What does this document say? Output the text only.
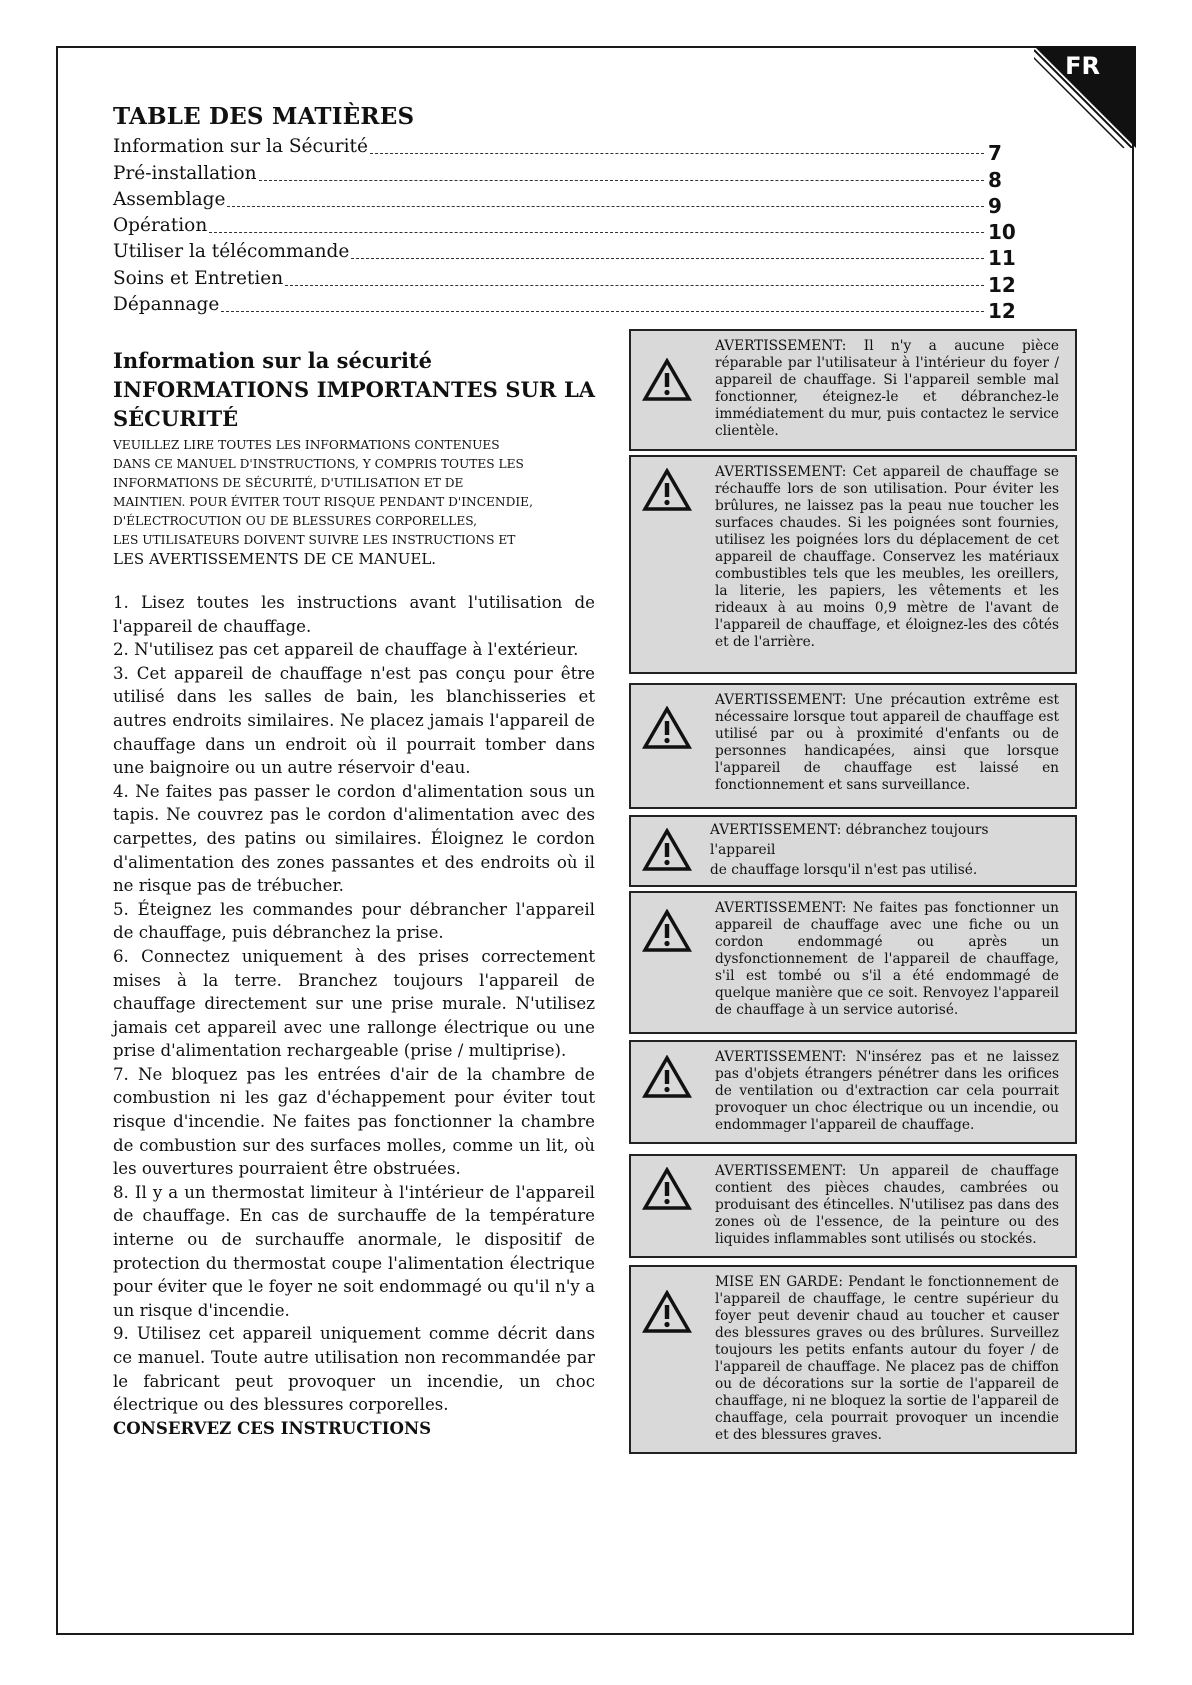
FR
TABLE DES MATIÈRES
Information sur la Sécurité	7
Pré-installation	8
Assemblage	9
Opération	10
Utiliser la télécommande	11
Soins et Entretien	12
Dépannage	12
Information sur la sécurité
INFORMATIONS IMPORTANTES SUR LA
SÉCURITÉ

VEUILLEZ LIRE TOUTES LES INFORMATIONS CONTENUES
DANS CE MANUEL D'INSTRUCTIONS, Y COMPRIS TOUTES LES
INFORMATIONS DE SÉCURITÉ, D'UTILISATION ET DE
MAINTIEN. POUR ÉVITER TOUT RISQUE PENDANT D'INCENDIE,
D'ÉLECTROCUTION OU DE BLESSURES CORPORELLES,
LES UTILISATEURS DOIVENT SUIVRE LES INSTRUCTIONS ET

LES AVERTISSEMENTS DE CE MANUEL.

1. Lisez toutes les instructions avant l'utilisation de l'appareil de chauffage.

2. N'utilisez pas cet appareil de chauffage à l'extérieur.

3. Cet appareil de chauffage n'est pas conçu pour être utilisé dans les salles de bain, les blanchisseries et autres endroits similaires. Ne placez jamais l'appareil de chauffage dans un endroit où il pourrait tomber dans une baignoire ou un autre réservoir d'eau.

4. Ne faites pas passer le cordon d'alimentation sous un tapis. Ne couvrez pas le cordon d'alimentation avec des carpettes, des patins ou similaires. Éloignez le cordon d'alimentation des zones passantes et des endroits où il ne risque pas de trébucher.

5. Éteignez les commandes pour débrancher l'appareil de chauffage, puis débranchez la prise.

6. Connectez uniquement à des prises correctement mises à la terre. Branchez toujours l'appareil de chauffage directement sur une prise murale. N'utilisez jamais cet appareil avec une rallonge électrique ou une prise d'alimentation rechargeable (prise / multiprise).

7. Ne bloquez pas les entrées d'air de la chambre de combustion ni les gaz d'échappement pour éviter tout risque d'incendie. Ne faites pas fonctionner la chambre de combustion sur des surfaces molles, comme un lit, où les ouvertures pourraient être obstruées.

8. Il y a un thermostat limiteur à l'intérieur de l'appareil de chauffage. En cas de surchauffe de la température interne ou de surchauffe anormale, le dispositif de protection du thermostat coupe l'alimentation électrique pour éviter que le foyer ne soit endommagé ou qu'il n'y a un risque d'incendie.

9. Utilisez cet appareil uniquement comme décrit dans ce manuel. Toute autre utilisation non recommandée par le fabricant peut provoquer un incendie, un choc électrique ou des blessures corporelles.

CONSERVEZ CES INSTRUCTIONS
AVERTISSEMENT: Il n'y a aucune pièce réparable par l'utilisateur à l'intérieur du foyer / appareil de chauffage. Si l'appareil semble mal fonctionner, éteignez-le et débranchez-le immédiatement du mur, puis contactez le service clientèle.
AVERTISSEMENT: Cet appareil de chauffage se réchauffe lors de son utilisation. Pour éviter les brûlures, ne laissez pas la peau nue toucher les surfaces chaudes. Si les poignées sont fournies, utilisez les poignées lors du déplacement de cet appareil de chauffage. Conservez les matériaux combustibles tels que les meubles, les oreillers, la literie, les papiers, les vêtements et les rideaux à au moins 0,9 mètre de l'avant de l'appareil de chauffage, et éloignez-les des côtés et de l'arrière.
AVERTISSEMENT: Une précaution extrême est nécessaire lorsque tout appareil de chauffage est utilisé par ou à proximité d'enfants ou de personnes handicapées, ainsi que lorsque l'appareil de chauffage est laissé en fonctionnement et sans surveillance.
AVERTISSEMENT: débranchez toujours
l'appareil
de chauffage lorsqu'il n'est pas utilisé.
AVERTISSEMENT: Ne faites pas fonctionner un appareil de chauffage avec une fiche ou un cordon endommagé ou après un dysfonctionnement de l'appareil de chauffage, s'il est tombé ou s'il a été endommagé de quelque manière que ce soit. Renvoyez l'appareil de chauffage à un service autorisé.
AVERTISSEMENT: N'insérez pas et ne laissez pas d'objets étrangers pénétrer dans les orifices de ventilation ou d'extraction car cela pourrait provoquer un choc électrique ou un incendie, ou endommager l'appareil de chauffage.
AVERTISSEMENT: Un appareil de chauffage contient des pièces chaudes, cambrées ou produisant des étincelles. N'utilisez pas dans des zones où de l'essence, de la peinture ou des liquides inflammables sont utilisés ou stockés.
MISE EN GARDE: Pendant le fonctionnement de l'appareil de chauffage, le centre supérieur du foyer peut devenir chaud au toucher et causer des blessures graves ou des brûlures. Surveillez toujours les petits enfants autour du foyer / de l'appareil de chauffage. Ne placez pas de chiffon ou de décorations sur la sortie de l'appareil de chauffage, ni ne bloquez la sortie de l'appareil de chauffage, cela pourrait provoquer un incendie et des blessures graves.
